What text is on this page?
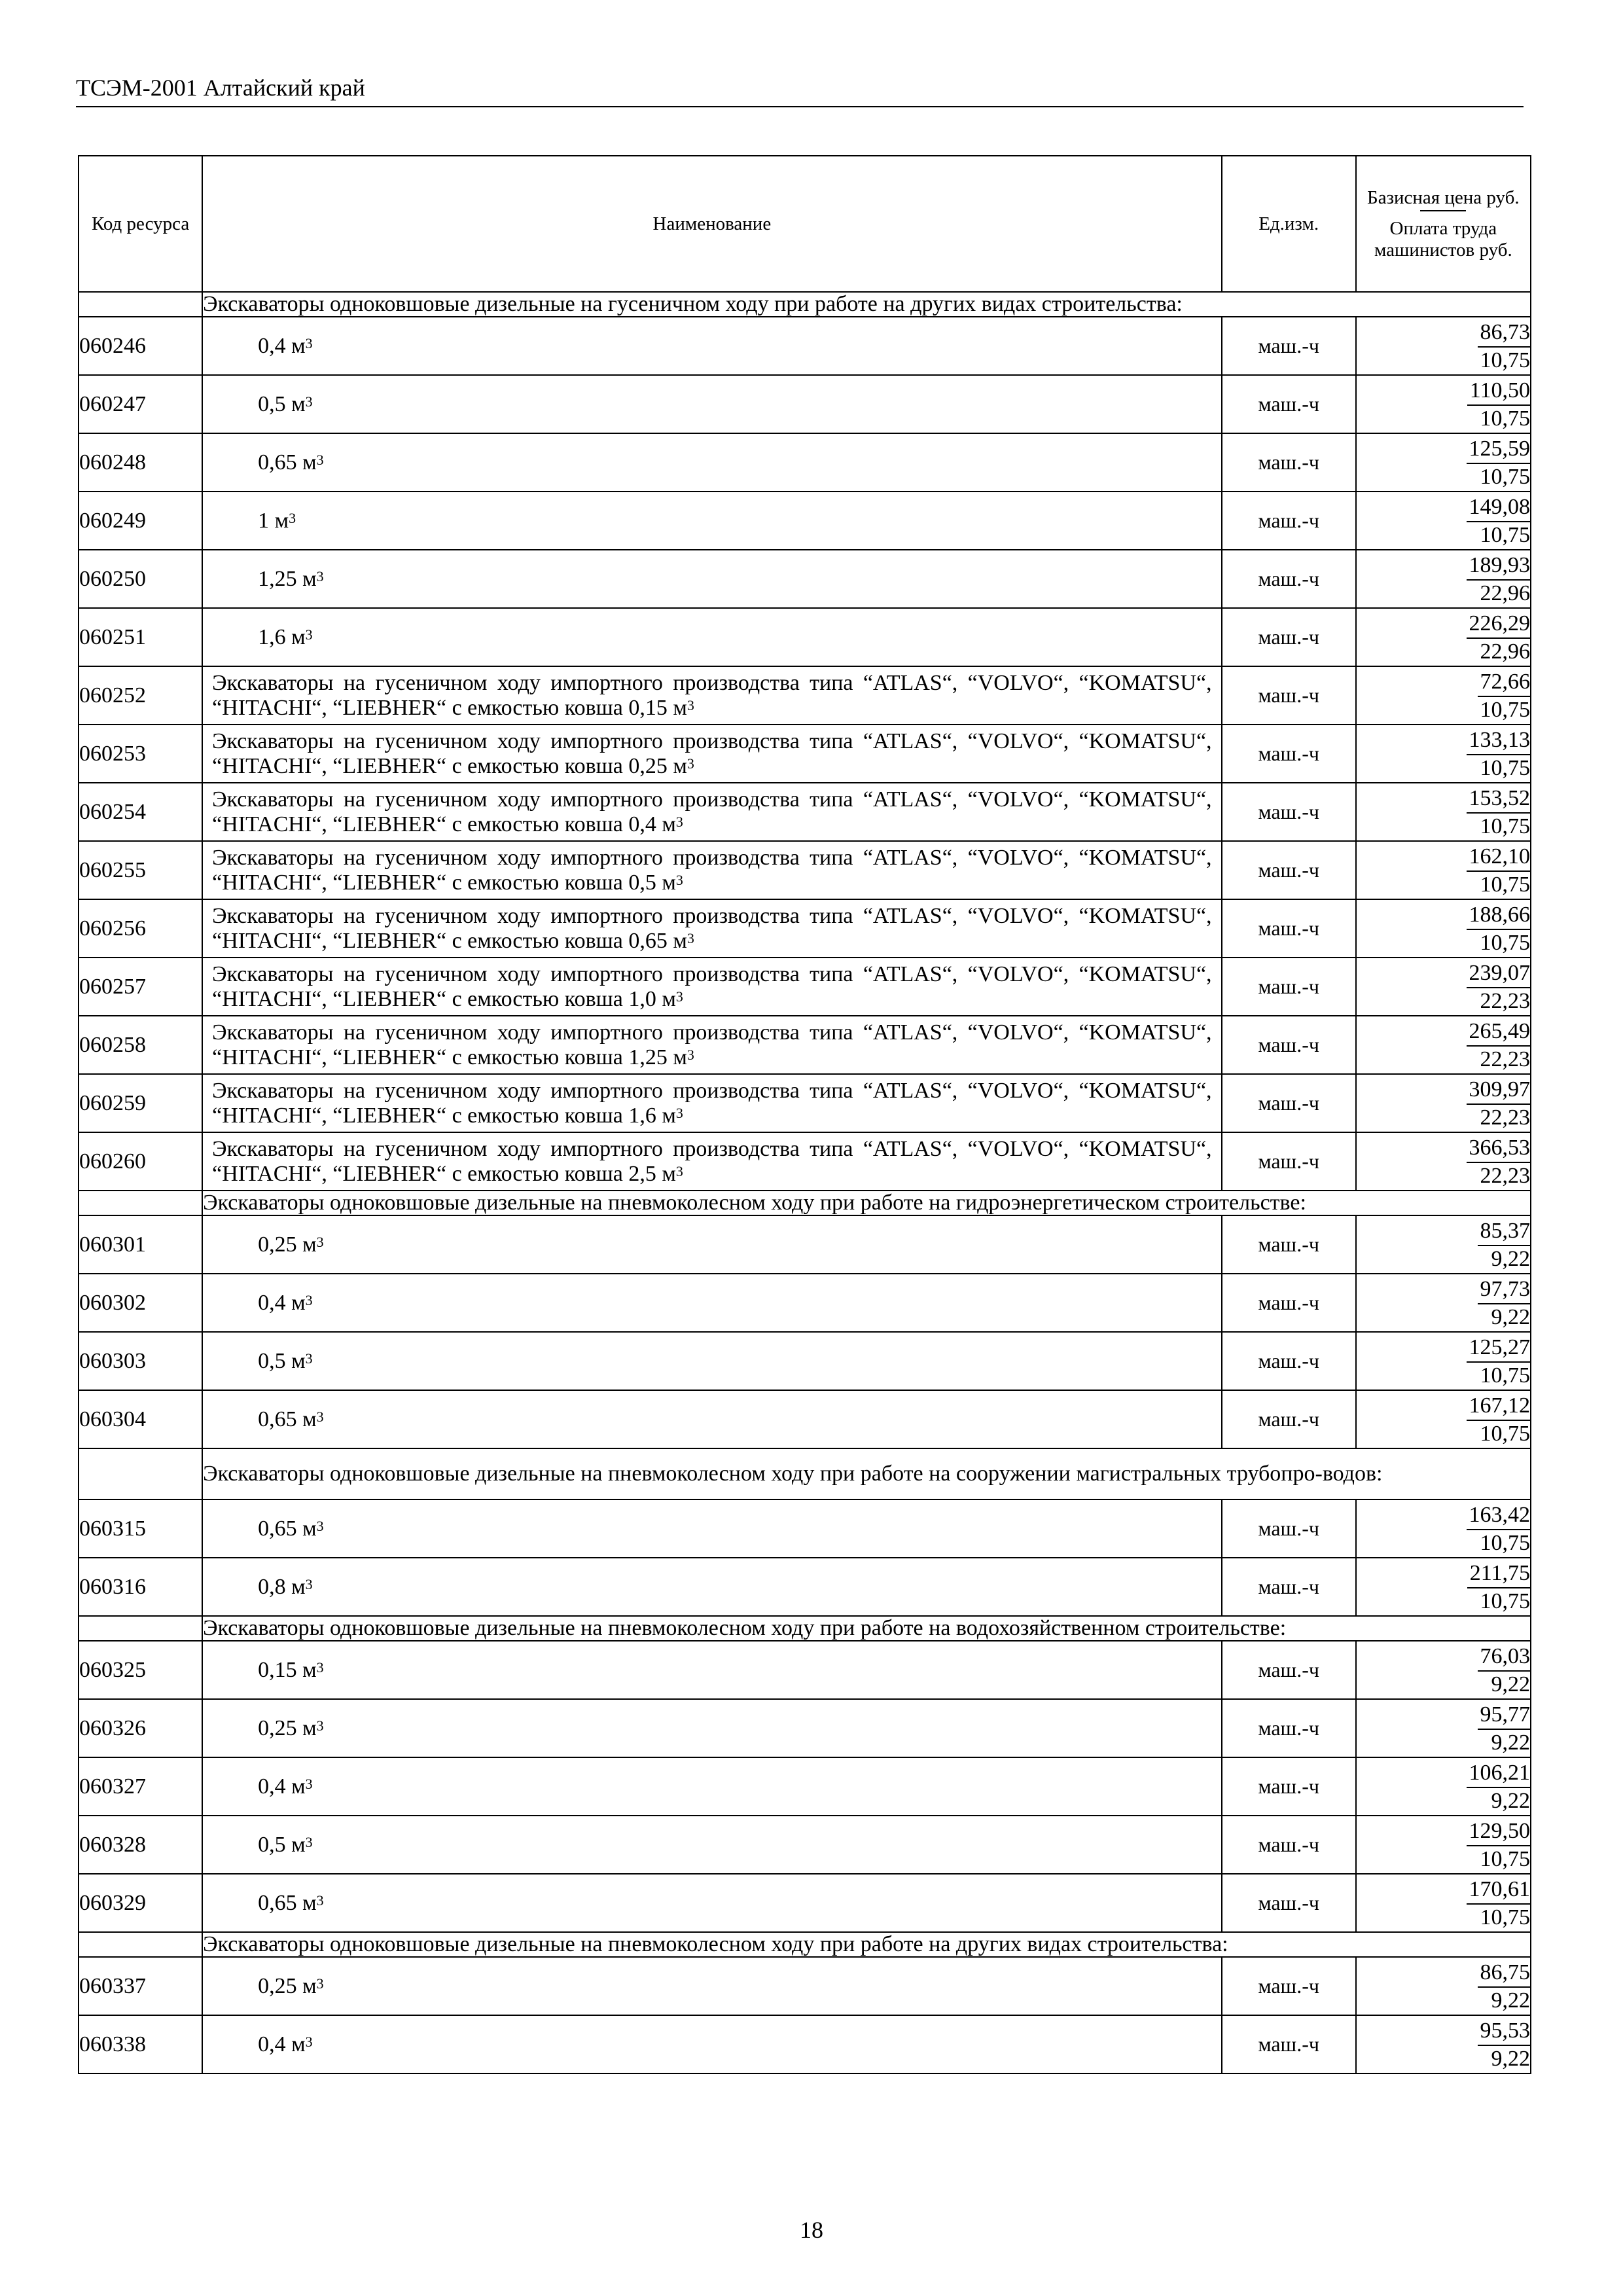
ТСЭМ-2001 Алтайский край
Код ресурса	Наименование	Ед.изм.	Базисная цена руб.
Оплата труда машинистов руб.
	Экскаваторы одноковшовые дизельные на гусеничном ходу при работе на других видах строительства:		
060246	0,4 $м^3$	маш.-ч	$\frac{86,73}{10,75}$

060247	0,5 $м^3$	маш.-ч	$\frac{110,50}{10,75}$

060248	0,65 $м^3$	маш.-ч	$\frac{125,59}{10,75}$

060249	1 $м^3$	маш.-ч	$\frac{149,08}{10,75}$

060250	1,25 $м^3$	маш.-ч	$\frac{189,93}{22,96}$

060251	1,6 $м^3$	маш.-ч	$\frac{226,29}{22,96}$

060252	Экскаваторы на гусеничном ходу импортного производства типа “ATLAS“, “VOLVO“, “KOMATSU“, “HITACHI“, “LIEBHER“ с емкостью ковша 0,15 $м^3$	маш.-ч	$\frac{72,66}{10,75}$

060253	Экскаваторы на гусеничном ходу импортного производства типа “ATLAS“, “VOLVO“, “KOMATSU“, “HITACHI“, “LIEBHER“ с емкостью ковша 0,25 $м^3$	маш.-ч	$\frac{133,13}{10,75}$

060254	Экскаваторы на гусеничном ходу импортного производства типа “ATLAS“, “VOLVO“, “KOMATSU“, “HITACHI“, “LIEBHER“ с емкостью ковша 0,4 $м^3$	маш.-ч	$\frac{153,52}{10,75}$

060255	Экскаваторы на гусеничном ходу импортного производства типа “ATLAS“, “VOLVO“, “KOMATSU“, “HITACHI“, “LIEBHER“ с емкостью ковша 0,5 $м^3$	маш.-ч	$\frac{162,10}{10,75}$

060256	Экскаваторы на гусеничном ходу импортного производства типа “ATLAS“, “VOLVO“, “KOMATSU“, “HITACHI“, “LIEBHER“ с емкостью ковша 0,65 $м^3$	маш.-ч	$\frac{188,66}{10,75}$

060257	Экскаваторы на гусеничном ходу импортного производства типа “ATLAS“, “VOLVO“, “KOMATSU“, “HITACHI“, “LIEBHER“ с емкостью ковша 1,0 $м^3$	маш.-ч	$\frac{239,07}{22,23}$

060258	Экскаваторы на гусеничном ходу импортного производства типа “ATLAS“, “VOLVO“, “KOMATSU“, “HITACHI“, “LIEBHER“ с емкостью ковша 1,25 $м^3$	маш.-ч	$\frac{265,49}{22,23}$

060259	Экскаваторы на гусеничном ходу импортного производства типа “ATLAS“, “VOLVO“, “KOMATSU“, “HITACHI“, “LIEBHER“ с емкостью ковша 1,6 $м^3$	маш.-ч	$\frac{309,97}{22,23}$

060260	Экскаваторы на гусеничном ходу импортного производства типа “ATLAS“, “VOLVO“, “KOMATSU“, “HITACHI“, “LIEBHER“ с емкостью ковша 2,5 $м^3$	маш.-ч	$\frac{366,53}{22,23}$

	Экскаваторы одноковшовые дизельные на пневмоколесном ходу при работе на гидроэнергетическом строительстве:		
060301	0,25 $м^3$	маш.-ч	$\frac{85,37}{9,22}$

060302	0,4 $м^3$	маш.-ч	$\frac{97,73}{9,22}$

060303	0,5 $м^3$	маш.-ч	$\frac{125,27}{10,75}$

060304	0,65 $м^3$	маш.-ч	$\frac{167,12}{10,75}$

	Экскаваторы одноковшовые дизельные на пневмоколесном ходу при работе на сооружении магистральных трубопро-водов:		
060315	0,65 $м^3$	маш.-ч	$\frac{163,42}{10,75}$

060316	0,8 $м^3$	маш.-ч	$\frac{211,75}{10,75}$

	Экскаваторы одноковшовые дизельные на пневмоколесном ходу при работе на водохозяйственном строительстве:		
060325	0,15 $м^3$	маш.-ч	$\frac{76,03}{9,22}$

060326	0,25 $м^3$	маш.-ч	$\frac{95,77}{9,22}$

060327	0,4 $м^3$	маш.-ч	$\frac{106,21}{9,22}$

060328	0,5 $м^3$	маш.-ч	$\frac{129,50}{10,75}$

060329	0,65 $м^3$	маш.-ч	$\frac{170,61}{10,75}$

	Экскаваторы одноковшовые дизельные на пневмоколесном ходу при работе на других видах строительства:		
060337	0,25 $м^3$	маш.-ч	$\frac{86,75}{9,22}$

060338	0,4 $м^3$	маш.-ч	$\frac{95,53}{9,22}$
18
